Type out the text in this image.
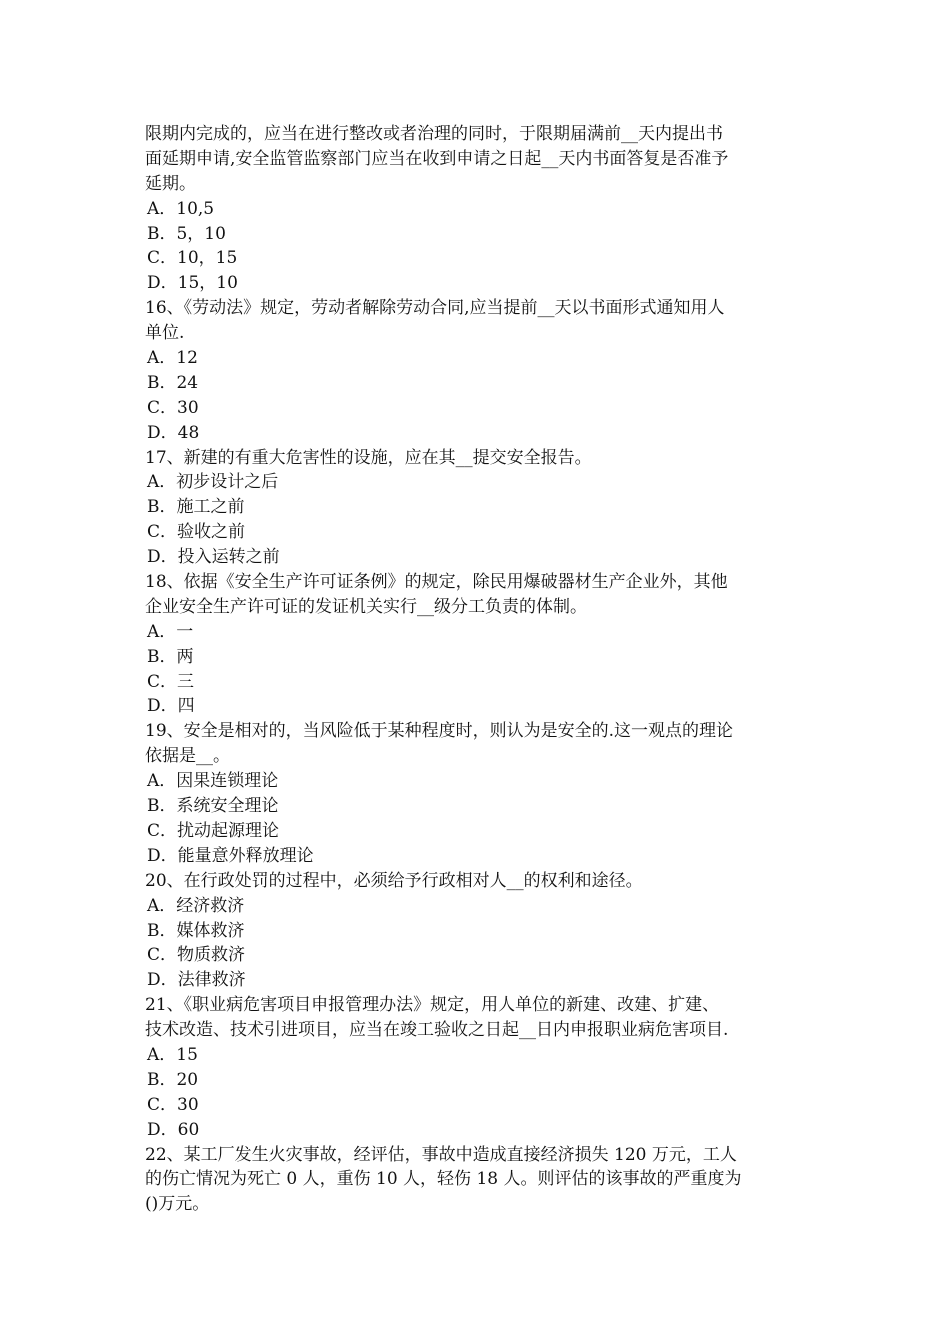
限期内完成的，应当在进行整改或者治理的同时，于限期届满前__天内提出书
面延期申请,安全监管监察部门应当在收到申请之日起__天内书面答复是否准予
延期。
A．10,5
B．5，10
C．10，15
D．15，10
16、《劳动法》规定，劳动者解除劳动合同,应当提前__天以书面形式通知用人
单位.
A．12
B．24
C．30
D．48
17、新建的有重大危害性的设施，应在其__提交安全报告。
A．初步设计之后
B．施工之前
C．验收之前
D．投入运转之前
18、依据《安全生产许可证条例》的规定，除民用爆破器材生产企业外，其他
企业安全生产许可证的发证机关实行__级分工负责的体制。
A．一
B．两
C．三
D．四
19、安全是相对的，当风险低于某种程度时，则认为是安全的.这一观点的理论
依据是__。
A．因果连锁理论
B．系统安全理论
C．扰动起源理论
D．能量意外释放理论
20、在行政处罚的过程中，必须给予行政相对人__的权利和途径。
A．经济救济
B．媒体救济
C．物质救济
D．法律救济
21、《职业病危害项目申报管理办法》规定，用人单位的新建、改建、扩建、
技术改造、技术引进项目，应当在竣工验收之日起__日内申报职业病危害项目.
A．15
B．20
C．30
D．60
22、某工厂发生火灾事故，经评估，事故中造成直接经济损失 120 万元，工人
的伤亡情况为死亡 0 人，重伤 10 人，轻伤 18 人。则评估的该事故的严重度为
()万元。
